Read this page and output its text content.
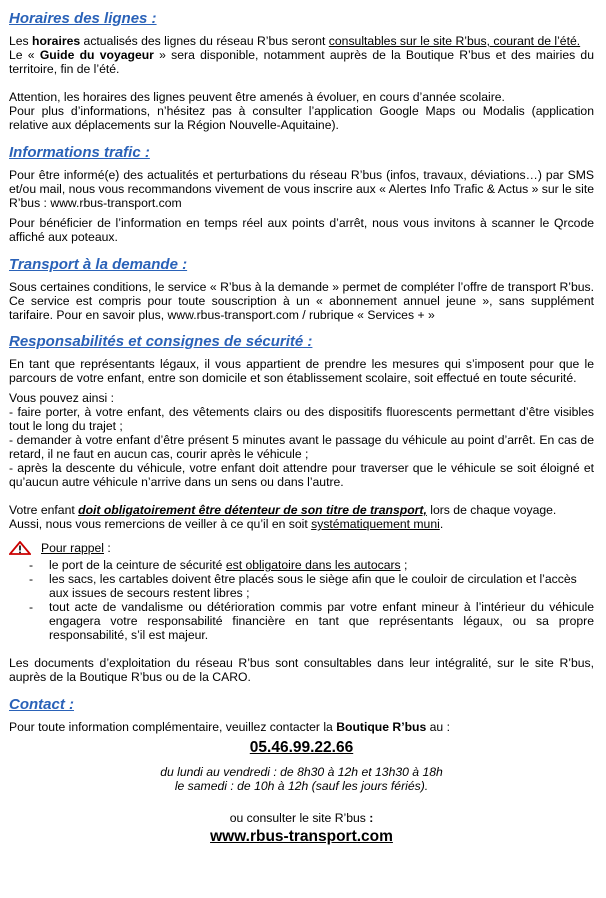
Horaires des lignes :

Les horaires actualisés des lignes du réseau R’bus seront consultables sur le site R’bus, courant de l’été.

Le « Guide du voyageur » sera disponible, notamment auprès de la Boutique R’bus et des mairies du territoire, fin de l’été.

Attention, les horaires des lignes peuvent être amenés à évoluer, en cours d’année scolaire.

Pour plus d’informations, n’hésitez pas à consulter l’application Google Maps ou Modalis (application relative aux déplacements sur la Région Nouvelle-Aquitaine).

Informations trafic :

Pour être informé(e) des actualités et perturbations du réseau R’bus (infos, travaux, déviations…) par SMS et/ou mail, nous vous recommandons vivement de vous inscrire aux « Alertes Info Trafic & Actus » sur le site R’bus : www.rbus-transport.com

Pour bénéficier de l’information en temps réel aux points d’arrêt, nous vous invitons à scanner le Qrcode affiché aux poteaux.

Transport à la demande :

Sous certaines conditions, le service « R’bus à la demande » permet de compléter l’offre de transport R’bus. Ce service est compris pour toute souscription à un « abonnement annuel jeune », sans supplément tarifaire. Pour en savoir plus, www.rbus-transport.com / rubrique « Services + »

Responsabilités et consignes de sécurité :

En tant que représentants légaux, il vous appartient de prendre les mesures qui s’imposent pour que le parcours de votre enfant, entre son domicile et son établissement scolaire, soit effectué en toute sécurité.

Vous pouvez ainsi :

- faire porter, à votre enfant, des vêtements clairs ou des dispositifs fluorescents permettant d’être visibles tout le long du trajet ;

- demander à votre enfant d’être présent 5 minutes avant le passage du véhicule au point d’arrêt. En cas de retard, il ne faut en aucun cas, courir après le véhicule ;

- après la descente du véhicule, votre enfant doit attendre pour traverser que le véhicule se soit éloigné et qu’aucun autre véhicule n’arrive dans un sens ou dans l’autre.

Votre enfant doit obligatoirement être détenteur de son titre de transport, lors de chaque voyage.

Aussi, nous vous remercions de veiller à ce qu’il en soit systématiquement muni.

Pour rappel :

- le port de la ceinture de sécurité est obligatoire dans les autocars ;
- les sacs, les cartables doivent être placés sous le siège afin que le couloir de circulation et l’accès aux issues de secours restent libres ;
- tout acte de vandalisme ou détérioration commis par votre enfant mineur à l’intérieur du véhicule engagera votre responsabilité financière en tant que représentants légaux, ou sa propre responsabilité, s’il est majeur.

Les documents d’exploitation du réseau R’bus sont consultables dans leur intégralité, sur le site R’bus, auprès de la Boutique R’bus ou de la CARO.

Contact :

Pour toute information complémentaire, veuillez contacter la Boutique R’bus au :

05.46.99.22.66

du lundi au vendredi : de 8h30 à 12h et 13h30 à 18h

le samedi : de 10h à 12h (sauf les jours fériés).

ou consulter le site R’bus :

www.rbus-transport.com
